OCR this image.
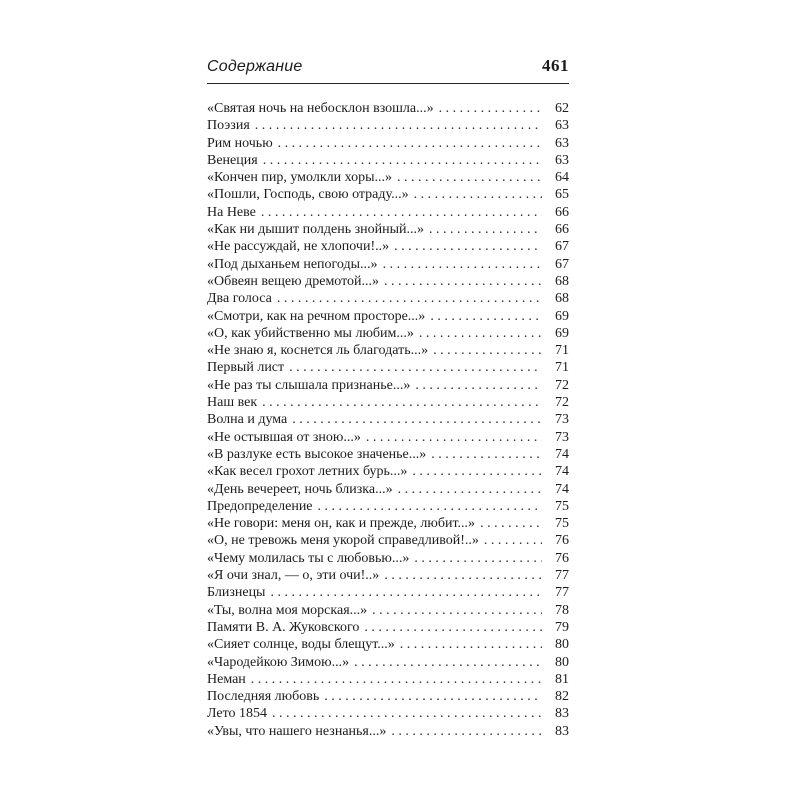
Содержание	461
«Святая ночь на небосклон взошла...» . . .	62
Поэзия . . .	63
Рим ночью . . .	63
Венеция . . .	63
«Кончен пир, умолкли хоры...» . . .	64
«Пошли, Господь, свою отраду...» . . .	65
На Неве . . .	66
«Как ни дышит полдень знойный...» . . .	66
«Не рассуждай, не хлопочи!..» . . .	67
«Под дыханьем непогоды...» . . .	67
«Обвеян вещею дремотой...» . . .	68
Два голоса . . .	68
«Смотри, как на речном просторе...» . . .	69
«О, как убийственно мы любим...» . . .	69
«Не знаю я, коснется ль благодать...» . . .	71
Первый лист . . .	71
«Не раз ты слышала признанье...» . . .	72
Наш век . . .	72
Волна и дума . . .	73
«Не остывшая от зною...» . . .	73
«В разлуке есть высокое значенье...» . . .	74
«Как весел грохот летних бурь...» . . .	74
«День вечереет, ночь близка...» . . .	74
Предопределение . . .	75
«Не говори: меня он, как и прежде, любит...» . . .	75
«О, не тревожь меня укорой справедливой!..» . . .	76
«Чему молилась ты с любовью...» . . .	76
«Я очи знал, — о, эти очи!..» . . .	77
Близнецы . . .	77
«Ты, волна моя морская...» . . .	78
Памяти В. А. Жуковского . . .	79
«Сияет солнце, воды блещут...» . . .	80
«Чародейкою Зимою...» . . .	80
Неман . . .	81
Последняя любовь . . .	82
Лето 1854 . . .	83
«Увы, что нашего незнанья...» . . .	83
